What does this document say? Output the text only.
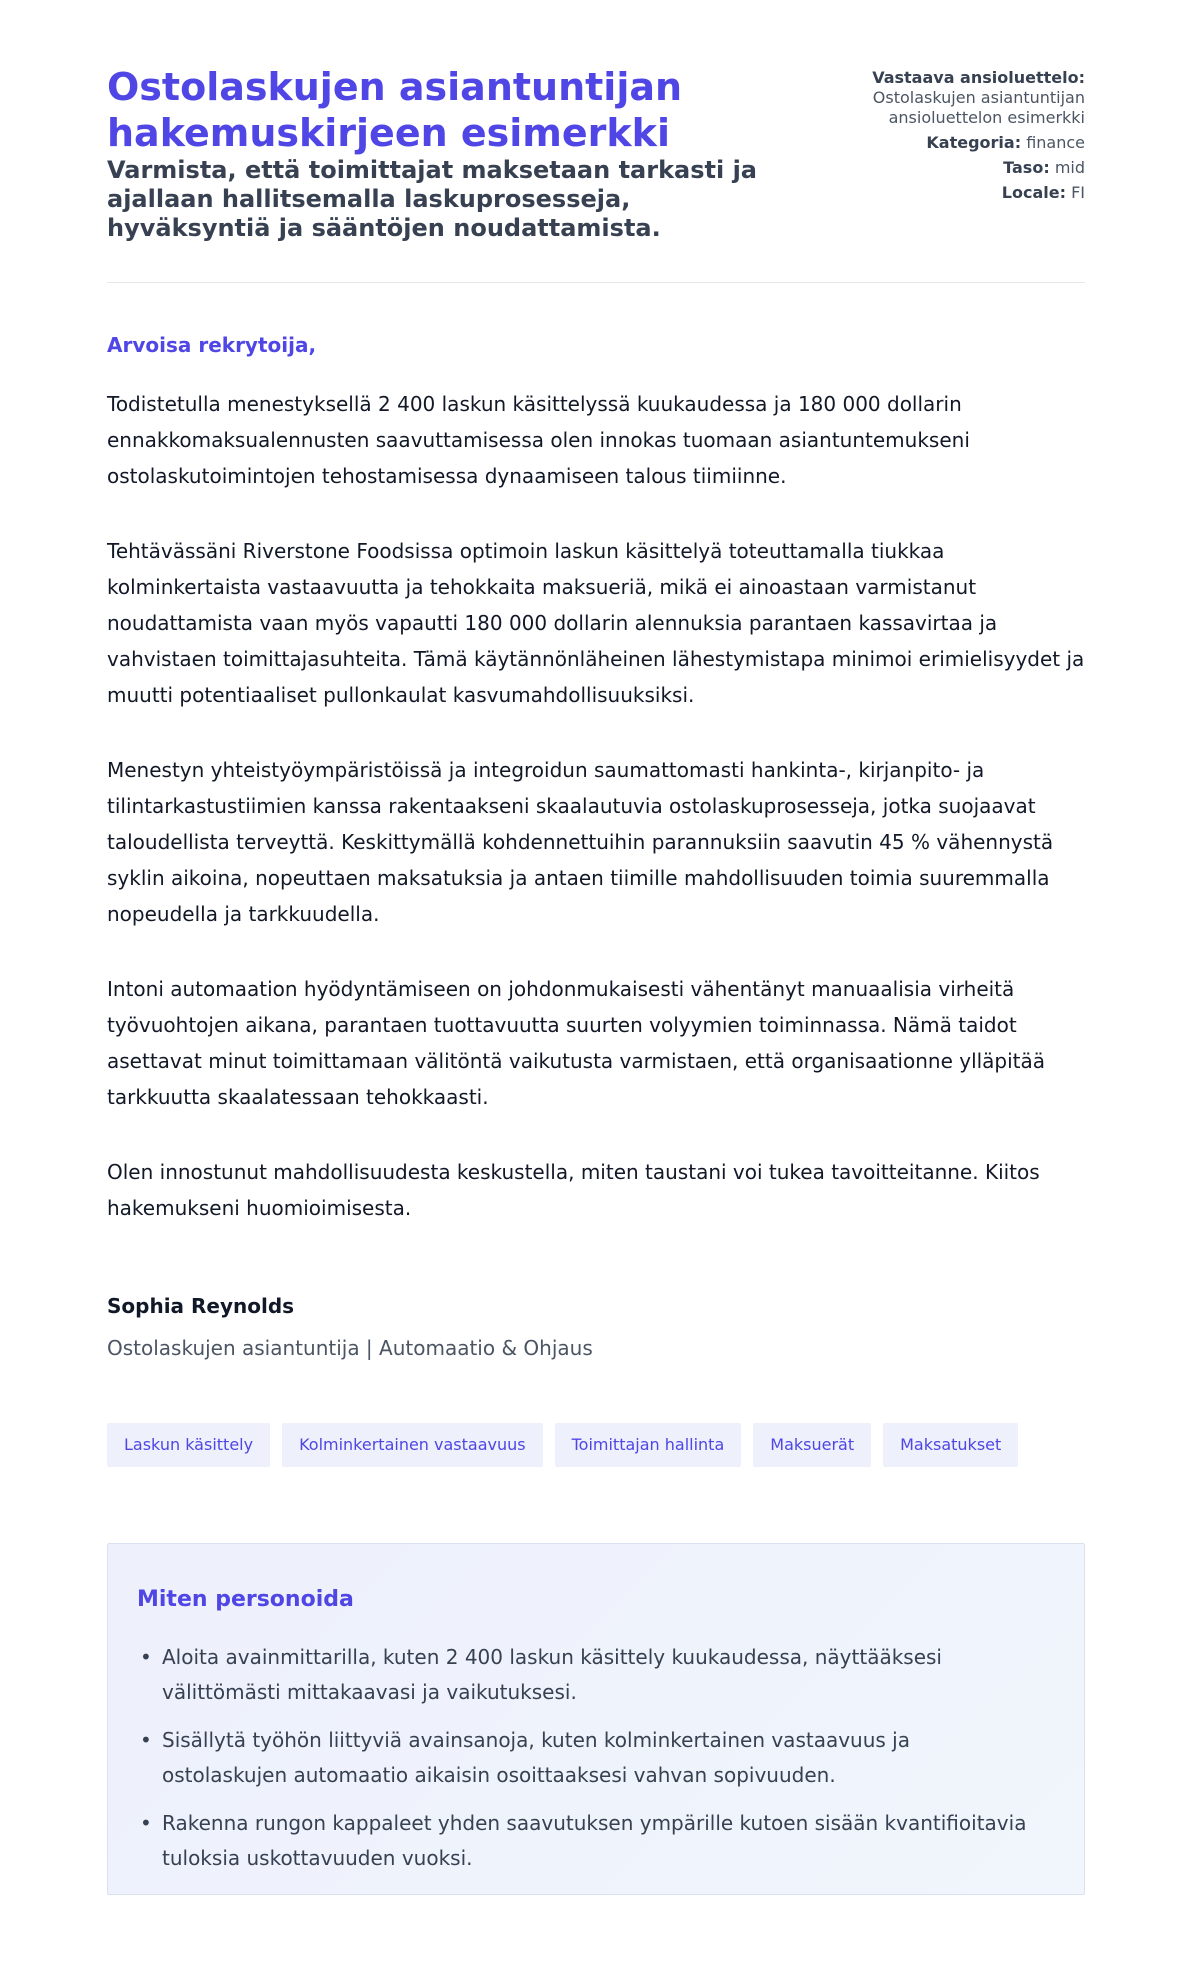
Ostolaskujen asiantuntijan hakemuskirjeen esimerkki

Varmista, että toimittajat maksetaan tarkasti ja ajallaan hallitsemalla laskuprosesseja, hyväksyntiä ja sääntöjen noudattamista.

Vastaava ansioluettelo:
Ostolaskujen asiantuntijan ansioluettelon esimerkki
Kategoria: finance
Taso: mid
Locale: FI

Arvoisa rekrytoija,

Todistetulla menestyksellä 2 400 laskun käsittelyssä kuukaudessa ja 180 000 dollarin ennakkomaksualennusten saavuttamisessa olen innokas tuomaan asiantuntemukseni ostolaskutoimintojen tehostamisessa dynaamiseen talous tiimiinne.

Tehtävässäni Riverstone Foodsissa optimoin laskun käsittelyä toteuttamalla tiukkaa kolminkertaista vastaavuutta ja tehokkaita maksueriä, mikä ei ainoastaan varmistanut noudattamista vaan myös vapautti 180 000 dollarin alennuksia parantaen kassavirtaa ja vahvistaen toimittajasuhteita. Tämä käytännönläheinen lähestymistapa minimoi erimielisyydet ja muutti potentiaaliset pullonkaulat kasvumahdollisuuksiksi.

Menestyn yhteistyöympäristöissä ja integroidun saumattomasti hankinta-, kirjanpito- ja tilintarkastustiimien kanssa rakentaakseni skaalautuvia ostolaskuprosesseja, jotka suojaavat taloudellista terveyttä. Keskittymällä kohdennettuihin parannuksiin saavutin 45 % vähennystä syklin aikoina, nopeuttaen maksatuksia ja antaen tiimille mahdollisuuden toimia suuremmalla nopeudella ja tarkkuudella.

Intoni automaation hyödyntämiseen on johdonmukaisesti vähentänyt manuaalisia virheitä työvuohtojen aikana, parantaen tuottavuutta suurten volyymien toiminnassa. Nämä taidot asettavat minut toimittamaan välitöntä vaikutusta varmistaen, että organisaationne ylläpitää tarkkuutta skaalatessaan tehokkaasti.

Olen innostunut mahdollisuudesta keskustella, miten taustani voi tukea tavoitteitanne. Kiitos hakemukseni huomioimisesta.

Sophia Reynolds
Ostolaskujen asiantuntija | Automaatio & Ohjaus
Laskun käsittely	Kolminkertainen vastaavuus	Toimittajan hallinta	Maksuerät	Maksatukset
Miten personoida
• Aloita avainmittarilla, kuten 2 400 laskun käsittely kuukaudessa, näyttääksesi välittömästi mittakaavasi ja vaikutuksesi.
• Sisällytä työhön liittyviä avainsanoja, kuten kolminkertainen vastaavuus ja ostolaskujen automaatio aikaisin osoittaaksesi vahvan sopivuuden.
• Rakenna rungon kappaleet yhden saavutuksen ympärille kutoen sisään kvantifioitavia tuloksia uskottavuuden vuoksi.
